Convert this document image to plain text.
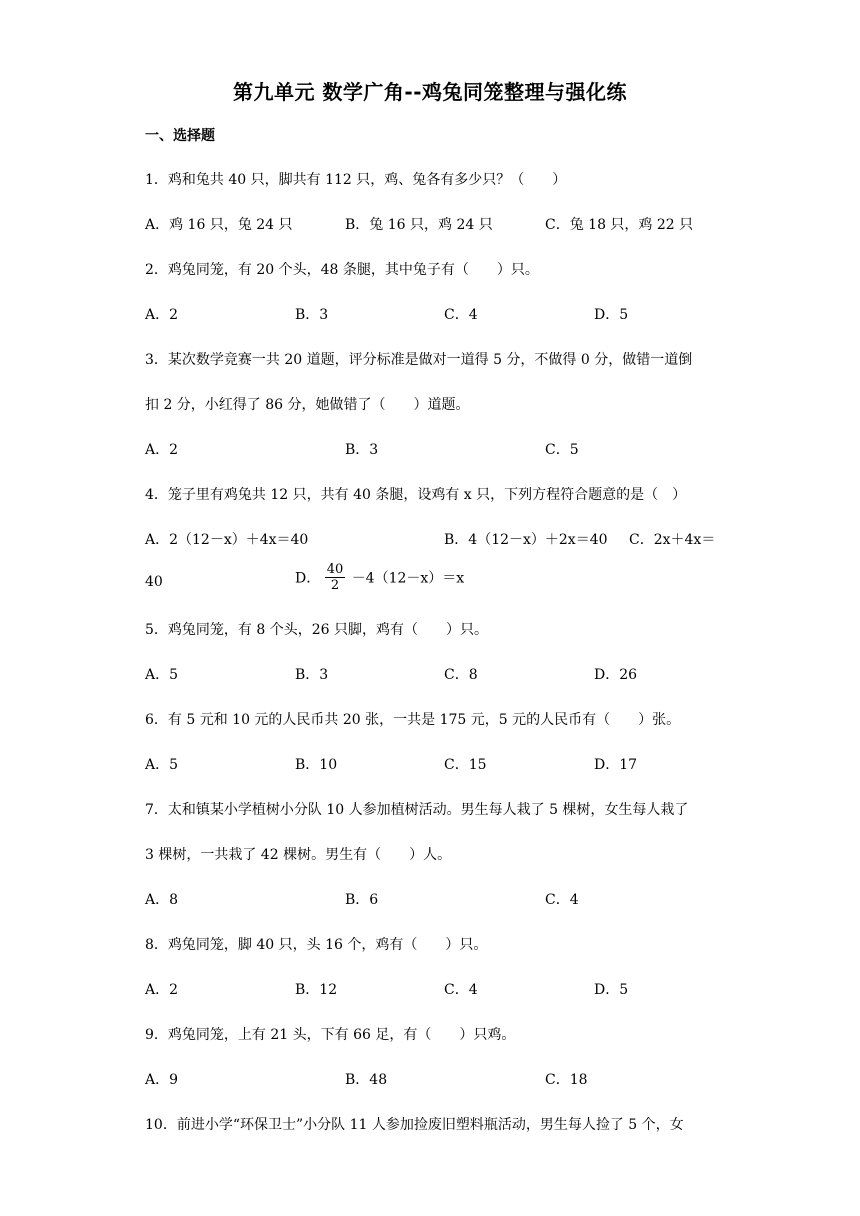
第九单元 数学广角--鸡兔同笼整理与强化练
一、选择题
1．鸡和兔共 40 只，脚共有 112 只，鸡、兔各有多少只？（　　）
A．鸡 16 只，兔 24 只	B．兔 16 只，鸡 24 只	C．兔 18 只，鸡 22 只
2．鸡兔同笼，有 20 个头，48 条腿，其中兔子有（　　）只。
A．2	B．3	C．4	D．5
3．某次数学竞赛一共 20 道题，评分标准是做对一道得 5 分，不做得 0 分，做错一道倒
扣 2 分，小红得了 86 分，她做错了（　　）道题。
A．2	B．3	C．5
4．笼子里有鸡兔共 12 只，共有 40 条腿，设鸡有 x 只，下列方程符合题意的是（　）
A．2（12－x）＋4x＝40	B．4（12－x）＋2x＝40 C．2x＋4x＝
40	D． $\frac{40}{2} -4(12-x)=x$
5．鸡兔同笼，有 8 个头，26 只脚，鸡有（　　）只。
A．5	B．3	C．8	D．26
6．有 5 元和 10 元的人民币共 20 张，一共是 175 元，5 元的人民币有（　　）张。
A．5	B．10	C．15	D．17
7．太和镇某小学植树小分队 10 人参加植树活动。男生每人栽了 5 棵树，女生每人栽了
3 棵树，一共栽了 42 棵树。男生有（　　）人。
A．8	B．6	C．4
8．鸡兔同笼，脚 40 只，头 16 个，鸡有（　　）只。
A．2	B．12	C．4	D．5
9．鸡兔同笼，上有 21 头，下有 66 足，有（　　）只鸡。
A．9	B．48	C．18
10．前进小学“环保卫士”小分队 11 人参加捡废旧塑料瓶活动，男生每人捡了 5 个，女
